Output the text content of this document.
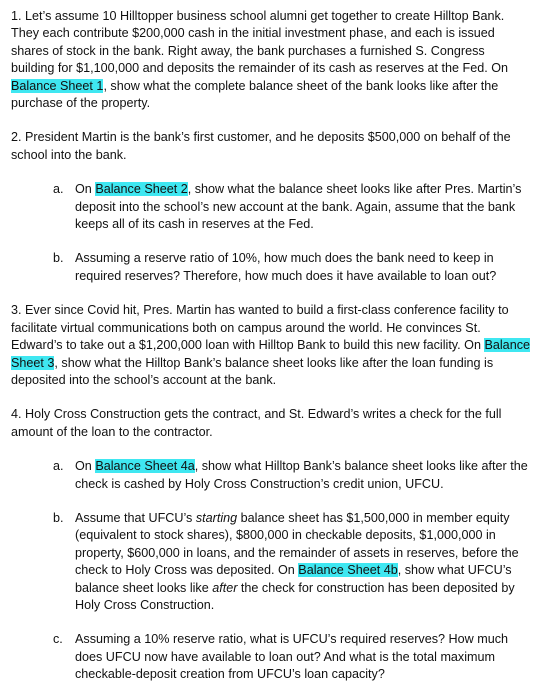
1. Let’s assume 10 Hilltopper business school alumni get together to create Hilltop Bank. They each contribute $200,000 cash in the initial investment phase, and each is issued shares of stock in the bank. Right away, the bank purchases a furnished S. Congress building for $1,100,000 and deposits the remainder of its cash as reserves at the Fed. On Balance Sheet 1, show what the complete balance sheet of the bank looks like after the purchase of the property.

2. President Martin is the bank’s first customer, and he deposits $500,000 on behalf of the school into the bank.

a. On Balance Sheet 2, show what the balance sheet looks like after Pres. Martin’s deposit into the school’s new account at the bank. Again, assume that the bank keeps all of its cash in reserves at the Fed.
b. Assuming a reserve ratio of 10%, how much does the bank need to keep in required reserves? Therefore, how much does it have available to loan out?

3. Ever since Covid hit, Pres. Martin has wanted to build a first-class conference facility to facilitate virtual communications both on campus around the world. He convinces St. Edward’s to take out a $1,200,000 loan with Hilltop Bank to build this new facility. On Balance Sheet 3, show what the Hilltop Bank’s balance sheet looks like after the loan funding is deposited into the school’s account at the bank.

4. Holy Cross Construction gets the contract, and St. Edward’s writes a check for the full amount of the loan to the contractor.

a. On Balance Sheet 4a, show what Hilltop Bank’s balance sheet looks like after the check is cashed by Holy Cross Construction’s credit union, UFCU.
b. Assume that UFCU’s starting balance sheet has $1,500,000 in member equity (equivalent to stock shares), $800,000 in checkable deposits, $1,000,000 in property, $600,000 in loans, and the remainder of assets in reserves, before the check to Holy Cross was deposited. On Balance Sheet 4b, show what UFCU’s balance sheet looks like after the check for construction has been deposited by Holy Cross Construction.
c. Assuming a 10% reserve ratio, what is UFCU’s required reserves? How much does UFCU now have available to loan out? And what is the total maximum checkable-deposit creation from UFCU’s loan capacity?
